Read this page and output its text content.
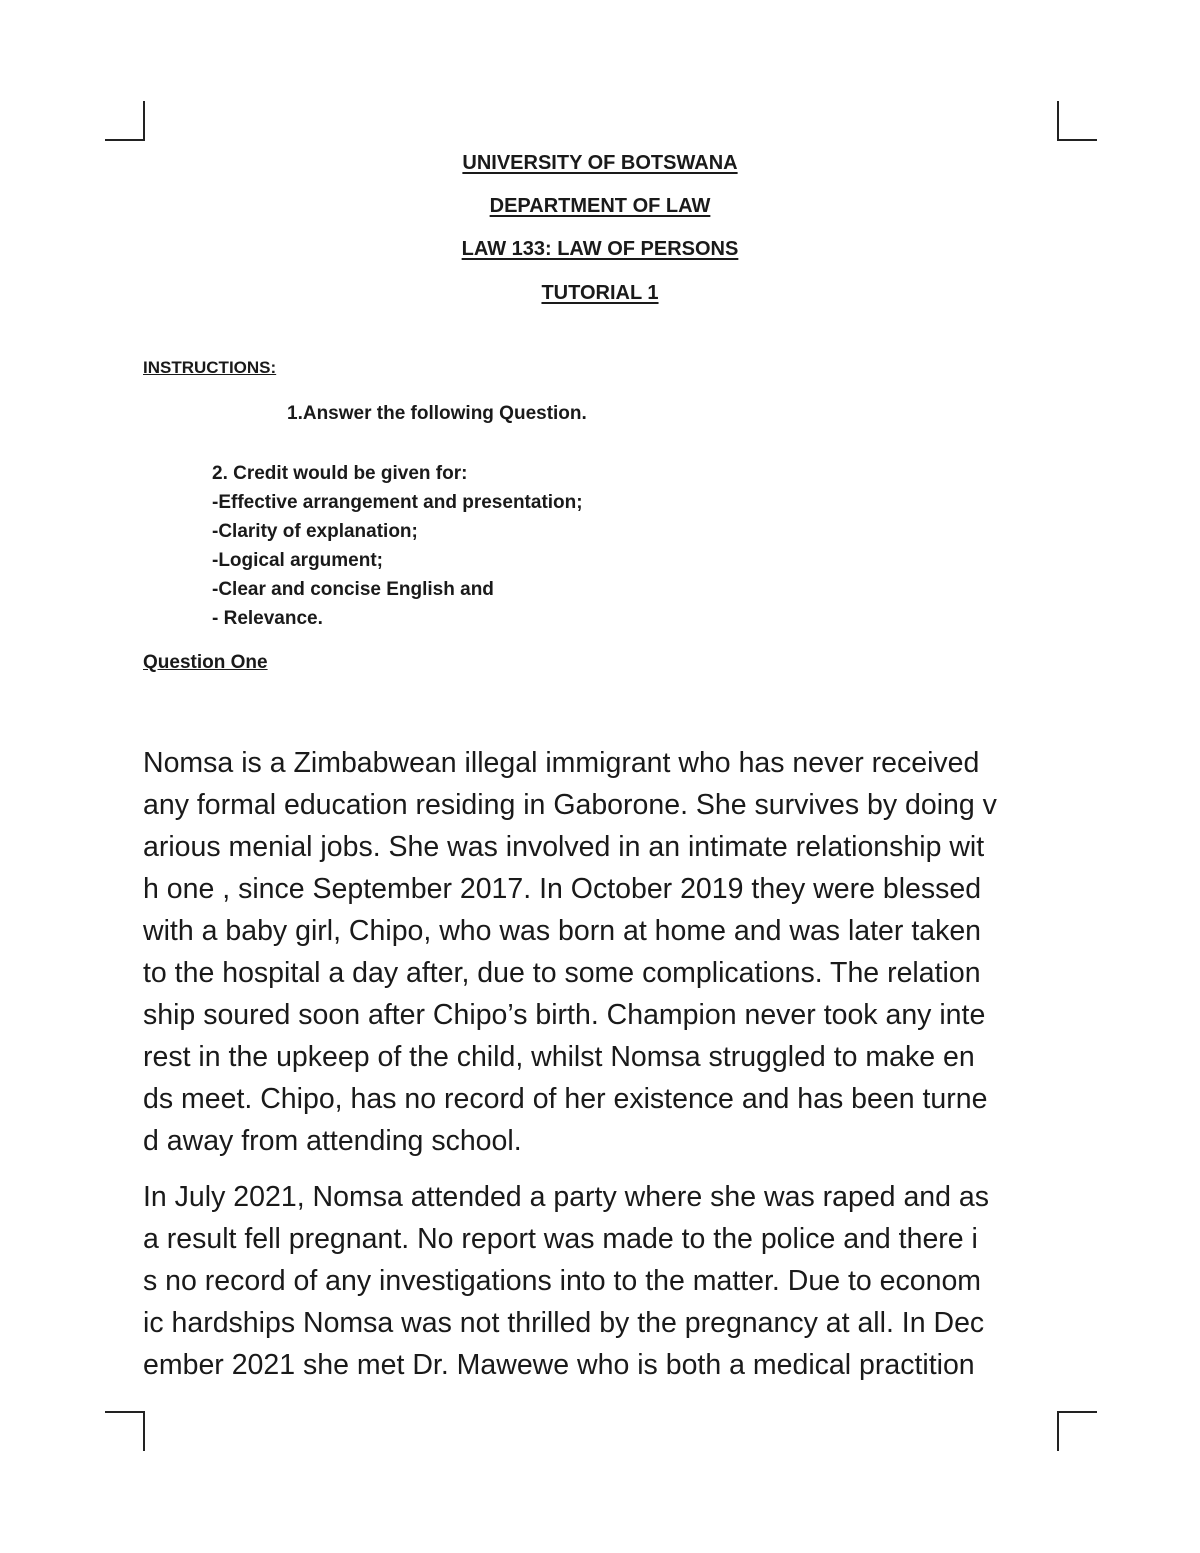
UNIVERSITY OF BOTSWANA

DEPARTMENT OF LAW

LAW 133: LAW OF PERSONS

TUTORIAL 1

INSTRUCTIONS:

1.Answer the following Question.

2. Credit would be given for:
-Effective arrangement and presentation;
-Clarity of explanation;
-Logical argument;
-Clear and concise English and
- Relevance.

Question One

Nomsa is a Zimbabwean illegal immigrant who has never received
any formal education residing in Gaborone. She survives by doing v
arious menial jobs. She was involved in an intimate relationship wit
h one , since September 2017. In October 2019 they were blessed
with a baby girl, Chipo, who was born at home and was later taken
to the hospital a day after, due to some complications. The relation
ship soured soon after Chipo’s birth. Champion never took any inte
rest in the upkeep of the child, whilst Nomsa struggled to make en
ds meet. Chipo, has no record of her existence and has been turne
d away from attending school.
In July 2021, Nomsa attended a party where she was raped and as
a result fell pregnant. No report was made to the police and there i
s no record of any investigations into to the matter. Due to econom
ic hardships Nomsa was not thrilled by the pregnancy at all. In Dec
ember 2021 she met Dr. Mawewe who is both a medical practition
